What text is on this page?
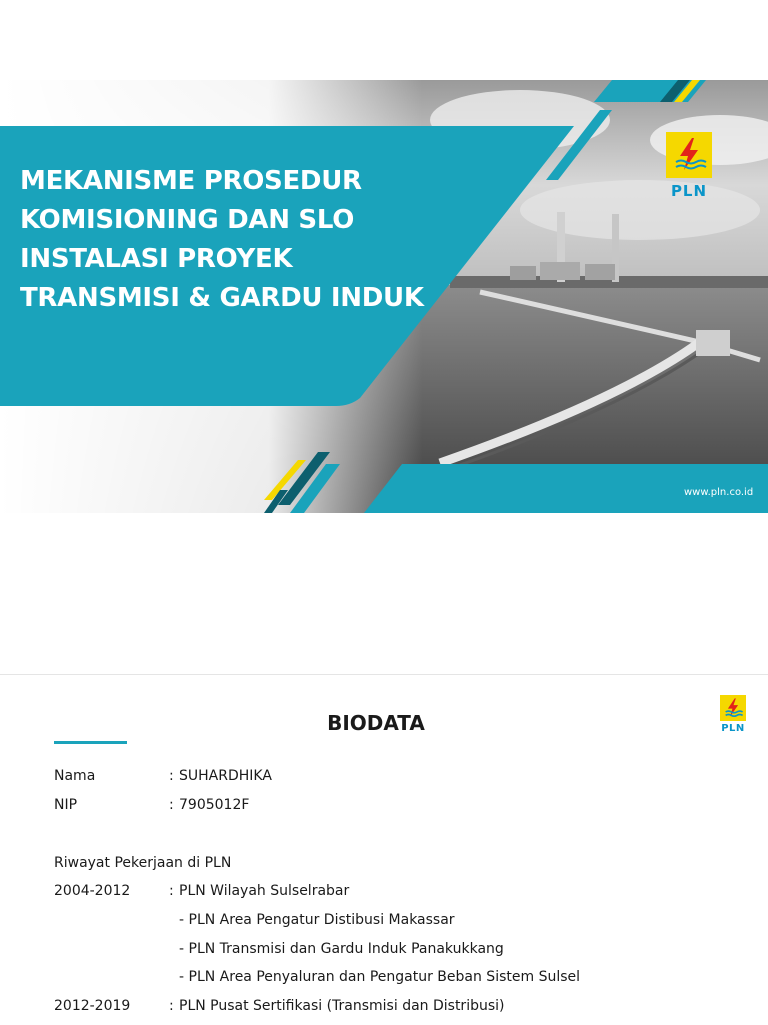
MEKANISME PROSEDUR
KOMISIONING DAN SLO
INSTALASI PROYEK
TRANSMISI & GARDU INDUK
PLN
www.pln.co.id
BIODATA	PLN
Nama	: SUHARDHIKA
NIP	: 7905012F
Riwayat Pekerjaan di PLN
2004-2012	: PLN Wilayah Sulselrabar
- PLN Area Pengatur Distibusi Makassar
- PLN Transmisi dan Gardu Induk Panakukkang
- PLN Area Penyaluran dan Pengatur Beban Sistem Sulsel
2012-2019	: PLN Pusat Sertifikasi (Transmisi dan Distribusi)
